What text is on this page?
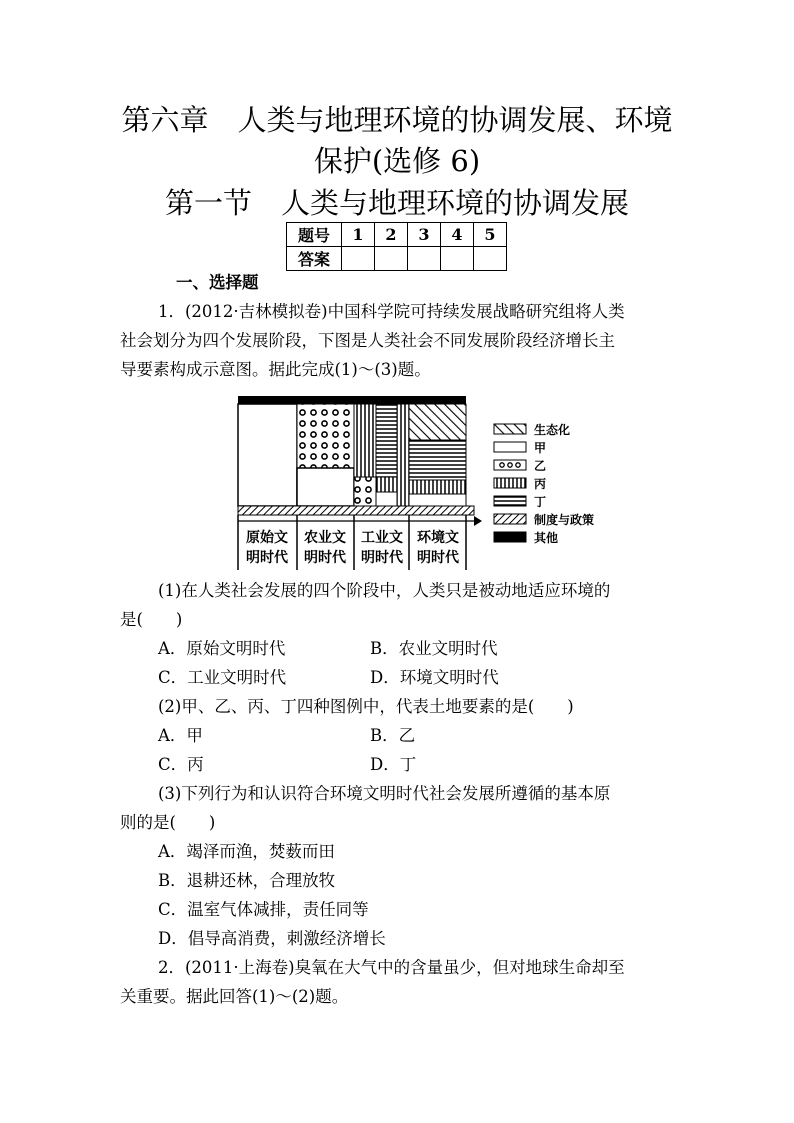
第六章　人类与地理环境的协调发展、环境
保护(选修 6)
第一节　人类与地理环境的协调发展
题号	1	2	3	4	5
答案					
一、选择题
1．(2012·吉林模拟卷)中国科学院可持续发展战略研究组将人类
社会划分为四个发展阶段，下图是人类社会不同发展阶段经济增长主
导要素构成示意图。据此完成(1)～(3)题。
原始文
明时代
农业文
明时代
工业文
明时代
环境文
明时代
生态化
甲
乙
丙
丁
制度与政策
其他
(1)在人类社会发展的四个阶段中，人类只是被动地适应环境的
是(　　)
A．原始文明时代	B．农业文明时代
C．工业文明时代	D．环境文明时代
(2)甲、乙、丙、丁四种图例中，代表土地要素的是(　　)
A．甲	B．乙
C．丙	D．丁
(3)下列行为和认识符合环境文明时代社会发展所遵循的基本原
则的是(　　)
A．竭泽而渔，焚薮而田
B．退耕还林，合理放牧
C．温室气体减排，责任同等
D．倡导高消费，刺激经济增长
2．(2011·上海卷)臭氧在大气中的含量虽少，但对地球生命却至
关重要。据此回答(1)～(2)题。
